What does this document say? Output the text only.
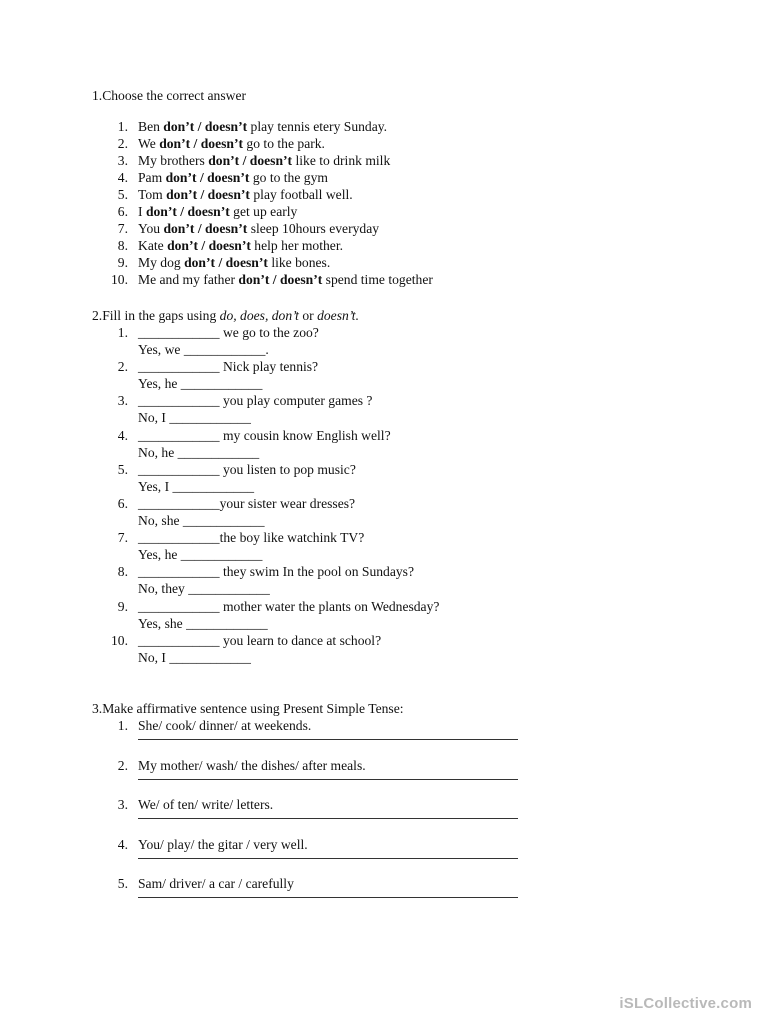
1.Choose the correct answer
1. Ben don’t / doesn’t play tennis etery Sunday.
2. We don’t / doesn’t go to the park.
3. My brothers don’t / doesn’t like to drink milk
4. Pam don’t / doesn’t go to the gym
5. Tom don’t / doesn’t play football well.
6. I don’t / doesn’t get up early
7. You don’t / doesn’t sleep 10hours everyday
8. Kate don’t / doesn’t help her mother.
9. My dog don’t / doesn’t like bones.
10. Me and my father don’t / doesn’t spend time together
2.Fill in the gaps using do, does, don’t or doesn’t.
1. ____________ we go to the zoo?
Yes, we ____________.
2. ____________ Nick play tennis?
Yes, he ____________
3. ____________ you play computer games ?
No, I ____________
4. ____________ my cousin know English well?
No, he ____________
5. ____________ you listen to pop music?
Yes, I ____________
6. ____________your sister wear dresses?
No, she ____________
7. ____________the boy like watchink TV?
Yes, he ____________
8. ____________ they swim In the pool on Sundays?
No, they ____________
9. ____________ mother water the plants on Wednesday?
Yes, she ____________
10. ____________ you learn to dance at school?
No, I ____________
3.Make affirmative sentence using Present Simple Tense:
1. She/ cook/ dinner/ at weekends.
2. My mother/ wash/ the dishes/ after meals.
3. We/ of ten/ write/ letters.
4. You/ play/ the gitar / very well.
5. Sam/ driver/ a car / carefully
iSLCollective.com
